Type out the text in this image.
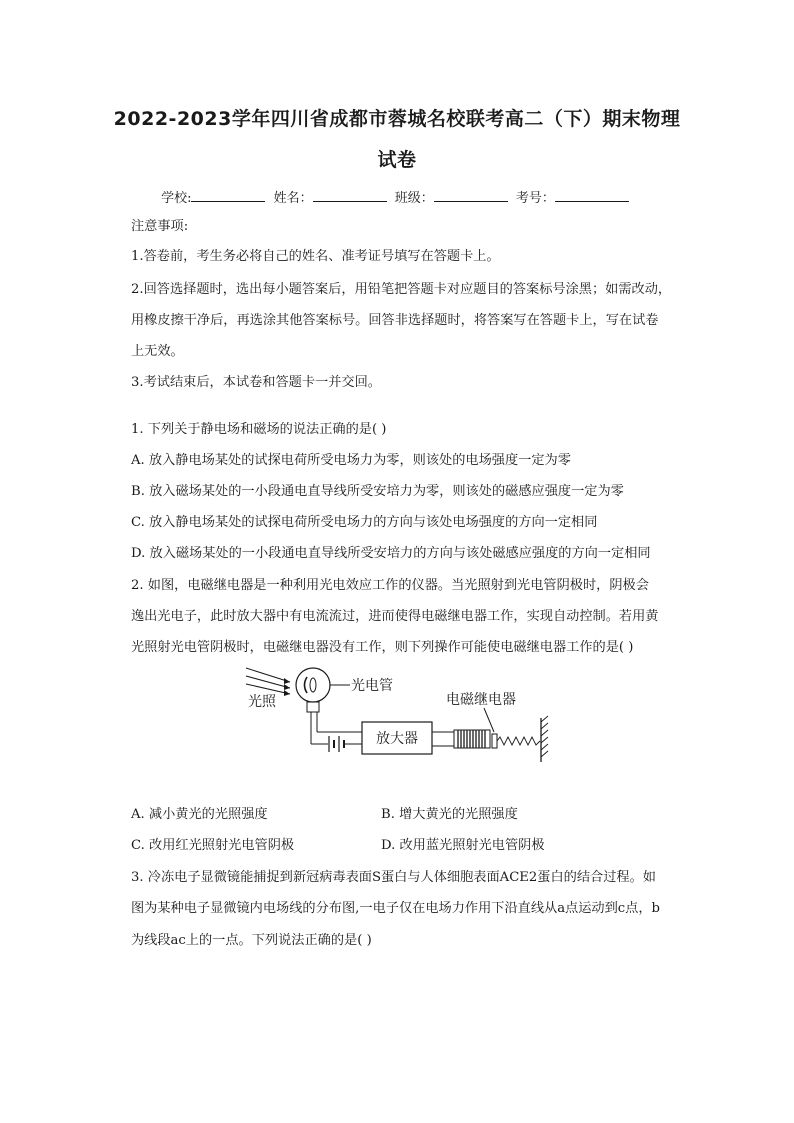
2022-2023学年四川省成都市蓉城名校联考高二（下）期末物理
试卷
学校:	姓名：	班级：	考号：
注意事项:
1.答卷前，考生务必将自己的姓名、准考证号填写在答题卡上。
2.回答选择题时，选出每小题答案后，用铅笔把答题卡对应题目的答案标号涂黑；如需改动，
用橡皮擦干净后，再选涂其他答案标号。回答非选择题时，将答案写在答题卡上，写在试卷
上无效。
3.考试结束后，本试卷和答题卡一并交回。
1. 下列关于静电场和磁场的说法正确的是( )
A. 放入静电场某处的试探电荷所受电场力为零，则该处的电场强度一定为零
B. 放入磁场某处的一小段通电直导线所受安培力为零，则该处的磁感应强度一定为零
C. 放入静电场某处的试探电荷所受电场力的方向与该处电场强度的方向一定相同
D. 放入磁场某处的一小段通电直导线所受安培力的方向与该处磁感应强度的方向一定相同
2. 如图，电磁继电器是一种利用光电效应工作的仪器。当光照射到光电管阴极时，阴极会
逸出光电子，此时放大器中有电流流过，进而使得电磁继电器工作，实现自动控制。若用黄
光照射光电管阴极时，电磁继电器没有工作，则下列操作可能使电磁继电器工作的是( )
光照
光电管
放大器
电磁继电器
A. 减小黄光的光照强度	B. 增大黄光的光照强度
C. 改用红光照射光电管阴极	D. 改用蓝光照射光电管阴极
3. 冷冻电子显微镜能捕捉到新冠病毒表面S蛋白与人体细胞表面ACE2蛋白的结合过程。如
图为某种电子显微镜内电场线的分布图,一电子仅在电场力作用下沿直线从a点运动到c点，b
为线段ac上的一点。下列说法正确的是( )
